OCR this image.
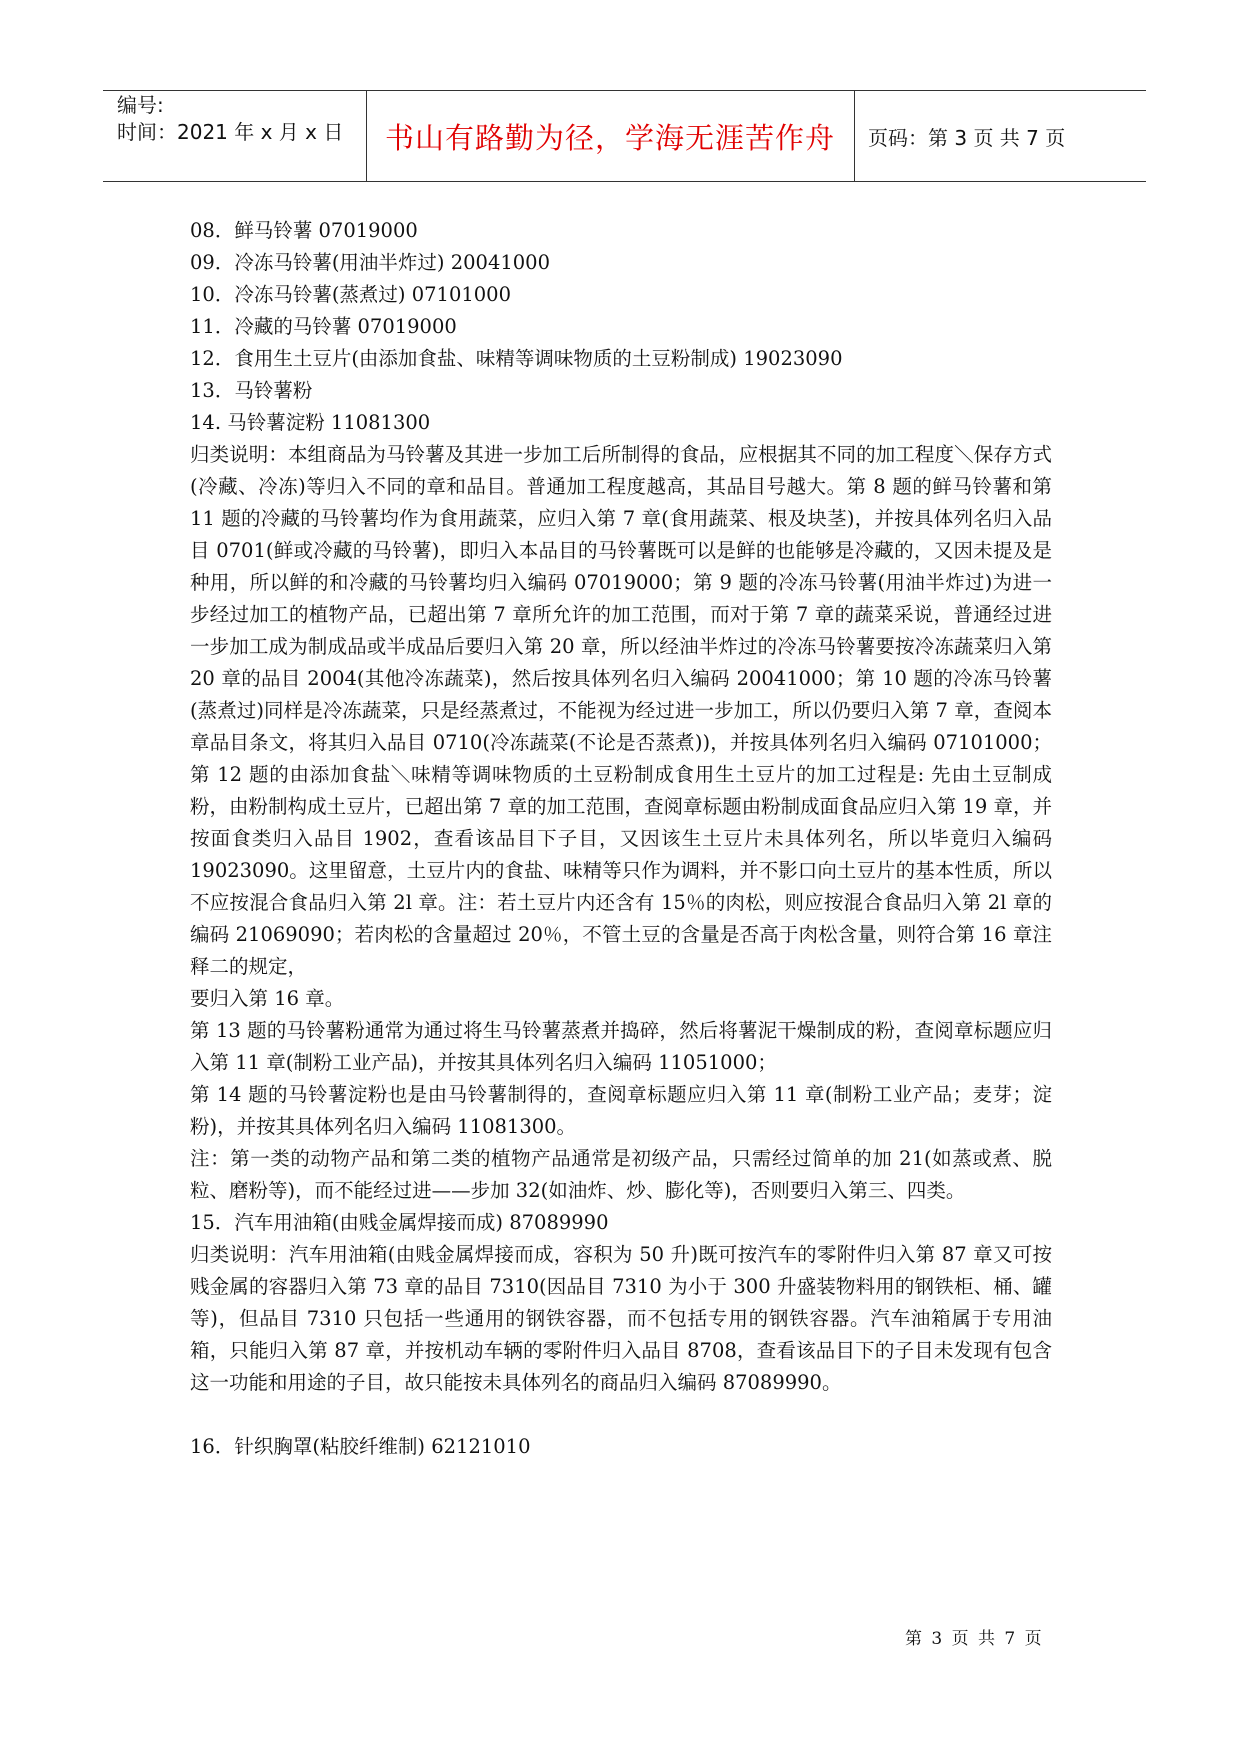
编号:
时间：2021 年 x 月 x 日	书山有路勤为径，学海无涯苦作舟	页码：第 3 页 共 7 页

08．鲜马铃薯 07019000

09．冷冻马铃薯(用油半炸过) 20041000

10．冷冻马铃薯(蒸煮过) 07101000

11．冷藏的马铃薯 07019000

12．食用生土豆片(由添加食盐、味精等调味物质的土豆粉制成) 19023090

13．马铃薯粉

14. 马铃薯淀粉 11081300

归类说明：本组商品为马铃薯及其进一步加工后所制得的食品，应根据其不同的加工程度＼保存方式(冷藏、冷冻)等归入不同的章和品目。普通加工程度越高，其品目号越大。第 8 题的鲜马铃薯和第 11 题的冷藏的马铃薯均作为食用蔬菜，应归入第 7 章(食用蔬菜、根及块茎)，并按具体列名归入品目 0701(鲜或冷藏的马铃薯)，即归入本品目的马铃薯既可以是鲜的也能够是冷藏的，又因未提及是种用，所以鲜的和冷藏的马铃薯均归入编码 07019000；第 9 题的冷冻马铃薯(用油半炸过)为进一步经过加工的植物产品，已超出第 7 章所允许的加工范围，而对于第 7 章的蔬菜采说，普通经过进一步加工成为制成品或半成品后要归入第 20 章，所以经油半炸过的冷冻马铃薯要按冷冻蔬菜归入第 20 章的品目 2004(其他冷冻蔬菜)，然后按具体列名归入编码 20041000；第 10 题的冷冻马铃薯(蒸煮过)同样是冷冻蔬菜，只是经蒸煮过，不能视为经过进一步加工，所以仍要归入第 7 章，查阅本章品目条文，将其归入品目 0710(冷冻蔬菜(不论是否蒸煮))，并按具体列名归入编码 07101000；第 12 题的由添加食盐＼味精等调味物质的土豆粉制成食用生土豆片的加工过程是: 先由土豆制成粉，由粉制构成土豆片，已超出第 7 章的加工范围，查阅章标题由粉制成面食品应归入第 19 章，并按面食类归入品目 1902，查看该品目下子目，又因该生土豆片未具体列名，所以毕竟归入编码 19023090。这里留意，土豆片内的食盐、味精等只作为调料，并不影口向土豆片的基本性质，所以不应按混合食品归入第 2l 章。注：若土豆片内还含有 15％的肉松，则应按混合食品归入第 2l 章的编码 21069090；若肉松的含量超过 20％，不管土豆的含量是否高于肉松含量，则符合第 16 章注释二的规定，

要归入第 16 章。

第 13 题的马铃薯粉通常为通过将生马铃薯蒸煮并捣碎，然后将薯泥干燥制成的粉，查阅章标题应归入第 11 章(制粉工业产品)，并按其具体列名归入编码 11051000；

第 14 题的马铃薯淀粉也是由马铃薯制得的，查阅章标题应归入第 11 章(制粉工业产品；麦芽；淀粉)，并按其具体列名归入编码 11081300。

注：第一类的动物产品和第二类的植物产品通常是初级产品，只需经过简单的加 21(如蒸或煮、脱粒、磨粉等)，而不能经过进——步加 32(如油炸、炒、膨化等)，否则要归入第三、四类。

15．汽车用油箱(由贱金属焊接而成) 87089990

归类说明：汽车用油箱(由贱金属焊接而成，容积为 50 升)既可按汽车的零附件归入第 87 章又可按贱金属的容器归入第 73 章的品目 7310(因品目 7310 为小于 300 升盛装物料用的钢铁柜、桶、罐等)，但品目 7310 只包括一些通用的钢铁容器，而不包括专用的钢铁容器。汽车油箱属于专用油箱，只能归入第 87 章，并按机动车辆的零附件归入品目 8708，查看该品目下的子目未发现有包含这一功能和用途的子目，故只能按未具体列名的商品归入编码 87089990。

16．针织胸罩(粘胶纤维制) 62121010

第 3 页 共 7 页
